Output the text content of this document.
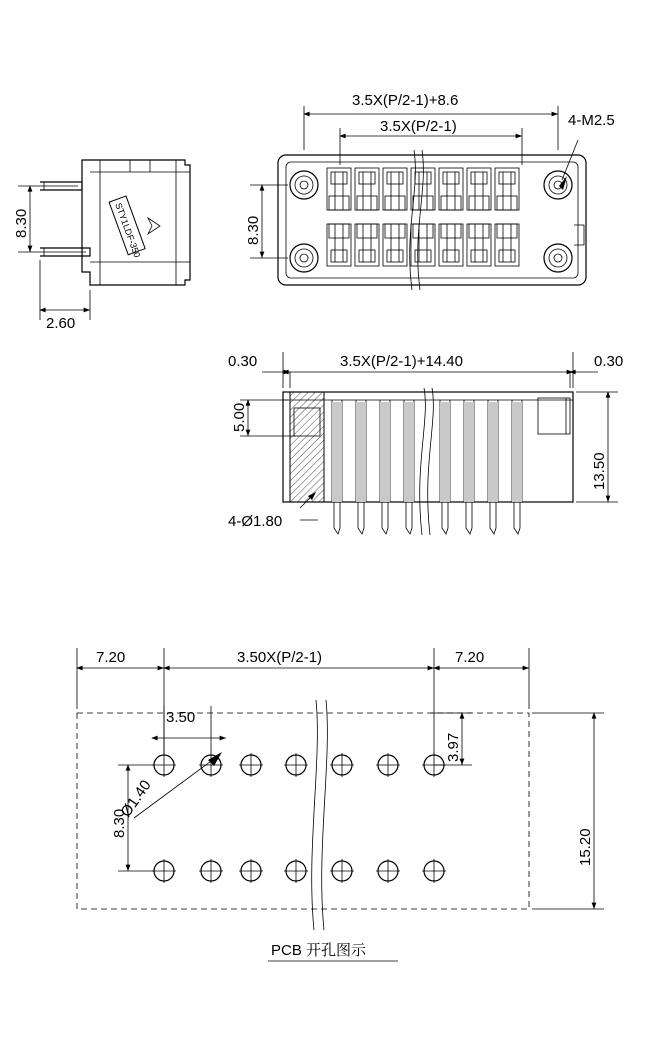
STY1LDF-350
8.30
2.60
3.5X(P/2-1)+8.6
3.5X(P/2-1)
8.30
4-M2.5
3.5X(P/2-1)+14.40
0.30	0.30
5.00
13.50
4-Ø1.80
7.20	3.50X(P/2-1)	7.20
3.50
Ø1.40
8.30
3.97
15.20
PCB 开孔图示
